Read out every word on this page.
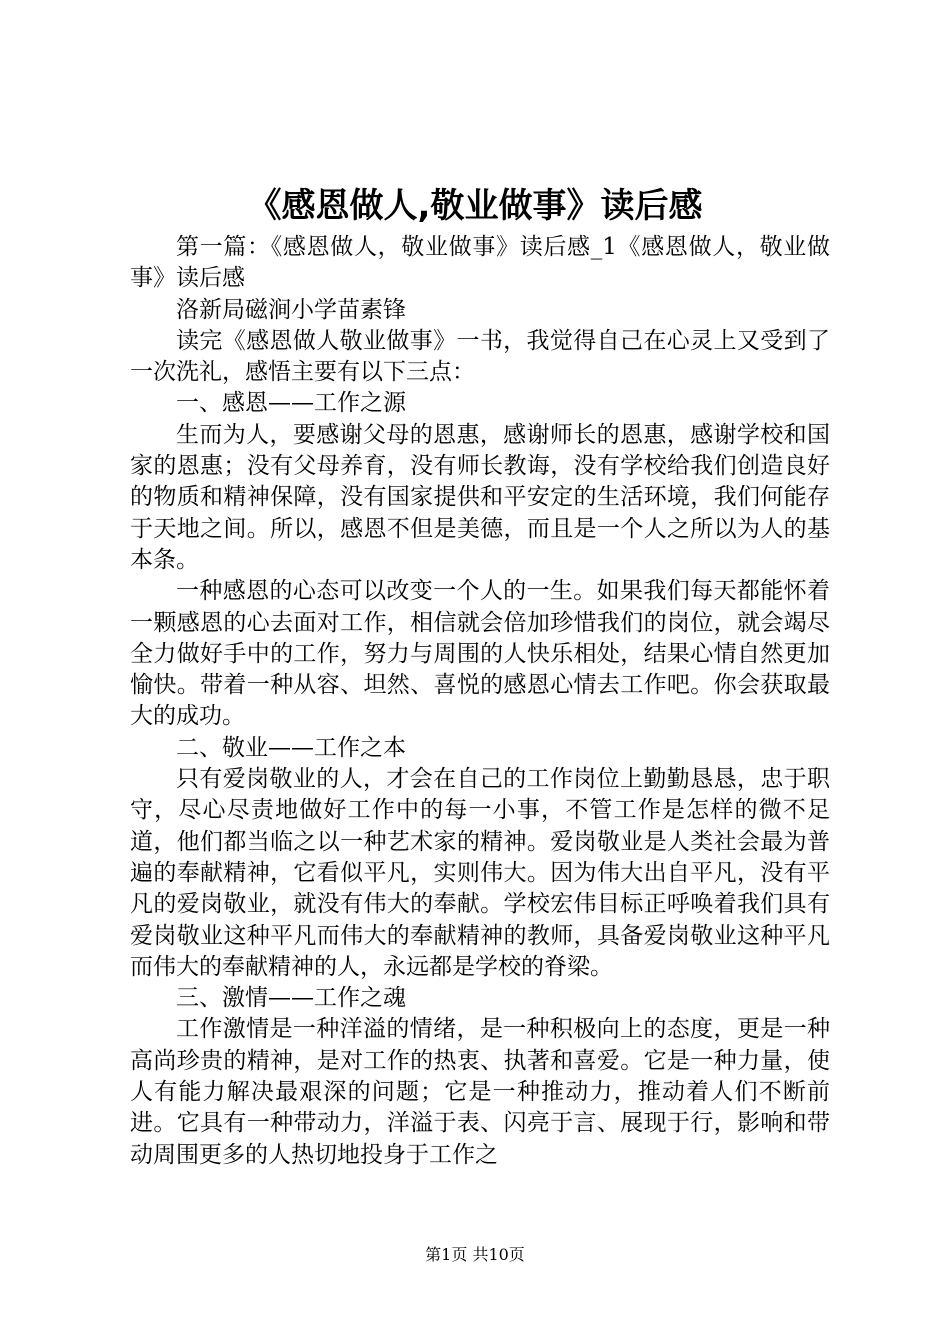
《感恩做人,敬业做事》读后感

第一篇：《感恩做人，敬业做事》读后感_1《感恩做人，敬业做事》读后感

洛新局磁涧小学苗素锋

读完《感恩做人敬业做事》一书，我觉得自己在心灵上又受到了一次洗礼，感悟主要有以下三点：

一、感恩——工作之源

生而为人，要感谢父母的恩惠，感谢师长的恩惠，感谢学校和国家的恩惠；没有父母养育，没有师长教诲，没有学校给我们创造良好的物质和精神保障，没有国家提供和平安定的生活环境，我们何能存于天地之间。所以，感恩不但是美德，而且是一个人之所以为人的基本条。

一种感恩的心态可以改变一个人的一生。如果我们每天都能怀着一颗感恩的心去面对工作，相信就会倍加珍惜我们的岗位，就会竭尽全力做好手中的工作，努力与周围的人快乐相处，结果心情自然更加愉快。带着一种从容、坦然、喜悦的感恩心情去工作吧。你会获取最大的成功。

二、敬业——工作之本

只有爱岗敬业的人，才会在自己的工作岗位上勤勤恳恳，忠于职守，尽心尽责地做好工作中的每一小事，不管工作是怎样的微不足道，他们都当临之以一种艺术家的精神。爱岗敬业是人类社会最为普遍的奉献精神，它看似平凡，实则伟大。因为伟大出自平凡，没有平凡的爱岗敬业，就没有伟大的奉献。学校宏伟目标正呼唤着我们具有爱岗敬业这种平凡而伟大的奉献精神的教师，具备爱岗敬业这种平凡而伟大的奉献精神的人，永远都是学校的脊梁。

三、激情——工作之魂

工作激情是一种洋溢的情绪，是一种积极向上的态度，更是一种高尚珍贵的精神，是对工作的热衷、执著和喜爱。它是一种力量，使人有能力解决最艰深的问题；它是一种推动力，推动着人们不断前进。它具有一种带动力，洋溢于表、闪亮于言、展现于行，影响和带动周围更多的人热切地投身于工作之

第1页 共10页
